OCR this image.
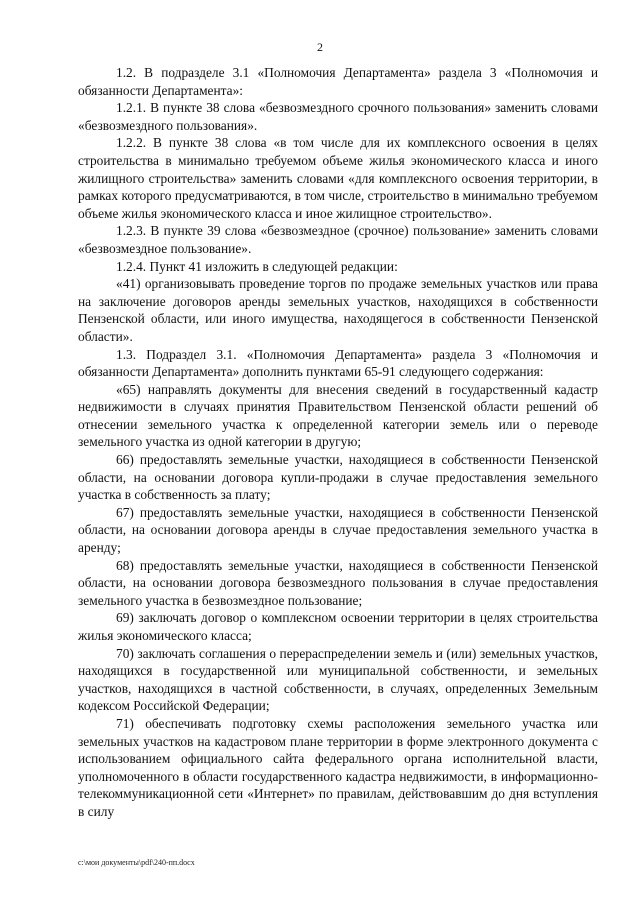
2

1.2. В подразделе 3.1 «Полномочия Департамента» раздела 3 «Полномочия и обязанности Департамента»:

1.2.1. В пункте 38 слова «безвозмездного срочного пользования» заменить словами «безвозмездного пользования».

1.2.2. В пункте 38 слова «в том числе для их комплексного освоения в целях строительства в минимально требуемом объеме жилья экономического класса и иного жилищного строительства» заменить словами «для комплексного освоения территории, в рамках которого предусматриваются, в том числе, строительство в минимально требуемом объеме жилья экономического класса и иное жилищное строительство».

1.2.3. В пункте 39 слова «безвозмездное (срочное) пользование» заменить словами «безвозмездное пользование».

1.2.4. Пункт 41 изложить в следующей редакции:

«41) организовывать проведение торгов по продаже земельных участков или права на заключение договоров аренды земельных участков, находящихся в собственности Пензенской области, или иного имущества, находящегося в собственности Пензенской области».

1.3. Подраздел 3.1. «Полномочия Департамента» раздела 3 «Полномочия и обязанности Департамента» дополнить пунктами 65-91 следующего содержания:

«65) направлять документы для внесения сведений в государственный кадастр недвижимости в случаях принятия Правительством Пензенской области решений об отнесении земельного участка к определенной категории земель или о переводе земельного участка из одной категории в другую;

66) предоставлять земельные участки, находящиеся в собственности Пензенской области, на основании договора купли-продажи в случае предоставления земельного участка в собственность за плату;

67) предоставлять земельные участки, находящиеся в собственности Пензенской области, на основании договора аренды в случае предоставления земельного участка в аренду;

68) предоставлять земельные участки, находящиеся в собственности Пензенской области, на основании договора безвозмездного пользования в случае предоставления земельного участка в безвозмездное пользование;

69) заключать договор о комплексном освоении территории в целях строительства жилья экономического класса;

70) заключать соглашения о перераспределении земель и (или) земельных участков, находящихся в государственной или муниципальной собственности, и земельных участков, находящихся в частной собственности, в случаях, определенных Земельным кодексом Российской Федерации;

71) обеспечивать подготовку схемы расположения земельного участка или земельных участков на кадастровом плане территории в форме электронного документа с использованием официального сайта федерального органа исполнительной власти, уполномоченного в области государственного кадастра недвижимости, в информационно-телекоммуникационной сети «Интернет» по правилам, действовавшим до дня вступления в силу

c:\мои документы\pdf\240-пп.docx
